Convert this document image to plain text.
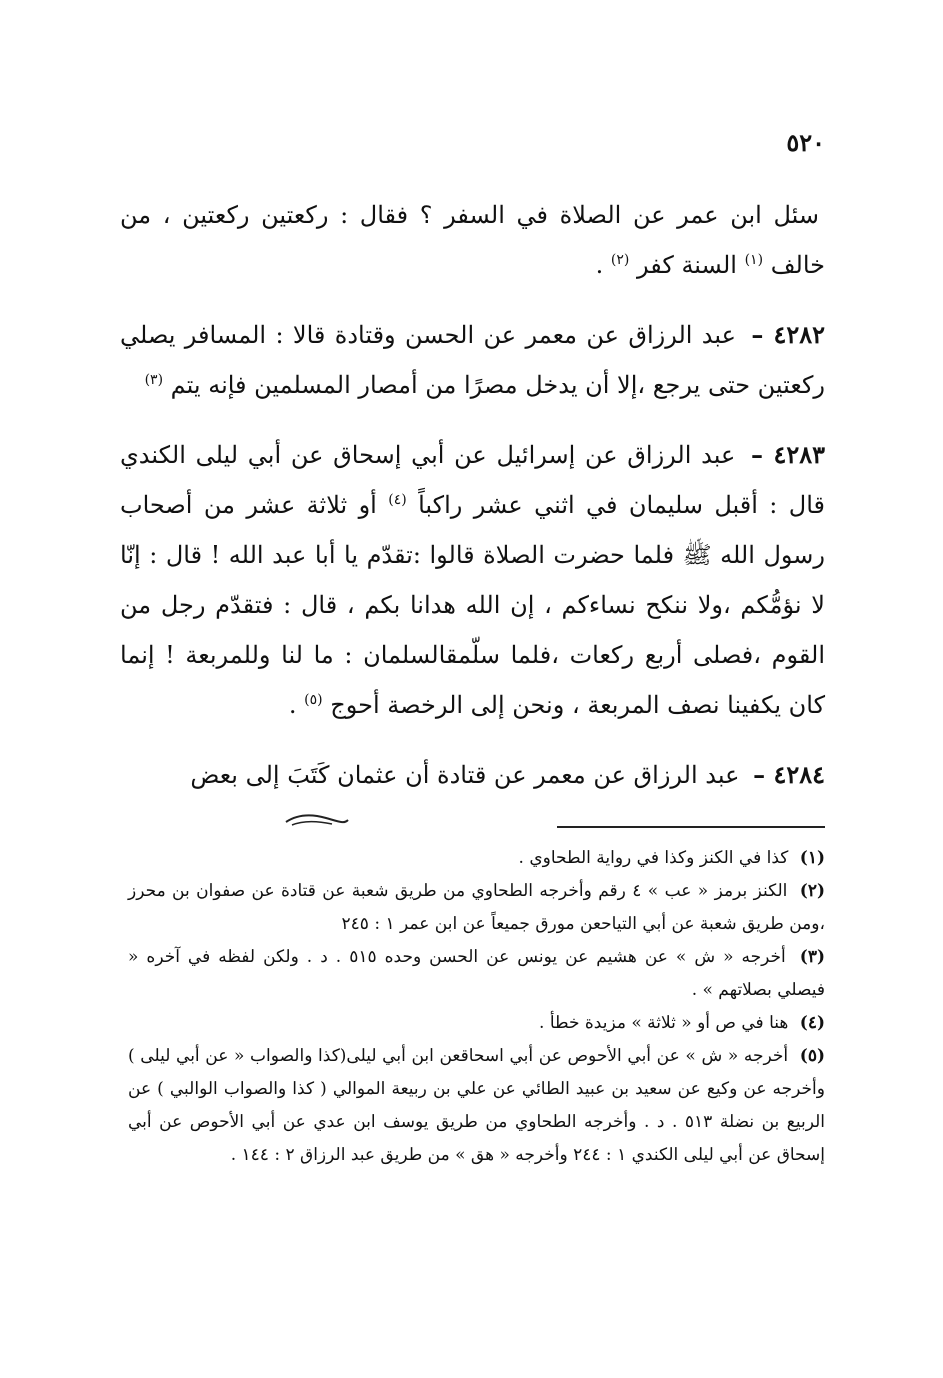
٥٢٠

سئل ابن عمر عن الصلاة في السفر ؟ فقال : ركعتين ركعتين ، من خالف $^{(١)}$ السنة كفر $^{(٢)}$ .

٤٢٨٢ – عبد الرزاق عن معمر عن الحسن وقتادة قالا : المسافر يصلي ركعتين حتى يرجع ،إلا أن يدخل مصرًا من أمصار المسلمين فإنه يتم $^{(٣)}$

٤٢٨٣ – عبد الرزاق عن إسرائيل عن أبي إسحاق عن أبي ليلى الكندي قال : أقبل سليمان في اثني عشر راكباً $^{(٤)}$ أو ثلاثة عشر من أصحاب رسول الله ﷺ فلما حضرت الصلاة قالوا :تقدّم يا أبا عبد الله ! قال : إنّا لا نؤمُّكم ،ولا ننكح نساءكم ، إن الله هدانا بكم ، قال : فتقدّم رجل من القوم ،فصلى أربع ركعات ،فلما سلّمقالسلمان : ما لنا وللمربعة ! إنما كان يكفينا نصف المربعة ، ونحن إلى الرخصة أحوج $^{(٥)}$ .

٤٢٨٤ – عبد الرزاق عن معمر عن قتادة أن عثمان كَتَبَ إلى بعض

(١) كذا في الكنز وكذا في رواية الطحاوي .

(٢) الكنز برمز « عب » ٤ رقم وأخرجه الطحاوي من طريق شعبة عن قتادة عن صفوان بن محرز ،ومن طريق شعبة عن أبي التياحعن مورق جميعاً عن ابن عمر ١ : ٢٤٥

(٣) أخرجه « ش » عن هشيم عن يونس عن الحسن وحده ٥١٥ . د . ولكن لفظه في آخره « فيصلي بصلاتهم » .

(٤) هنا في ص أو « ثلاثة » مزيدة خطأ .

(٥) أخرجه « ش » عن أبي الأحوص عن أبي اسحاقعن ابن أبي ليلى(كذا والصواب « عن أبي ليلى ) وأخرجه عن وكيع عن سعيد بن عبيد الطائي عن علي بن ربيعة الموالي ( كذا والصواب الوالبي ) عن الربيع بن نضلة ٥١٣ . د . وأخرجه الطحاوي من طريق يوسف ابن عدي عن أبي الأحوص عن أبي إسحاق عن أبي ليلى الكندي ١ : ٢٤٤ وأخرجه « هق » من طريق عبد الرزاق ٢ : ١٤٤ .
